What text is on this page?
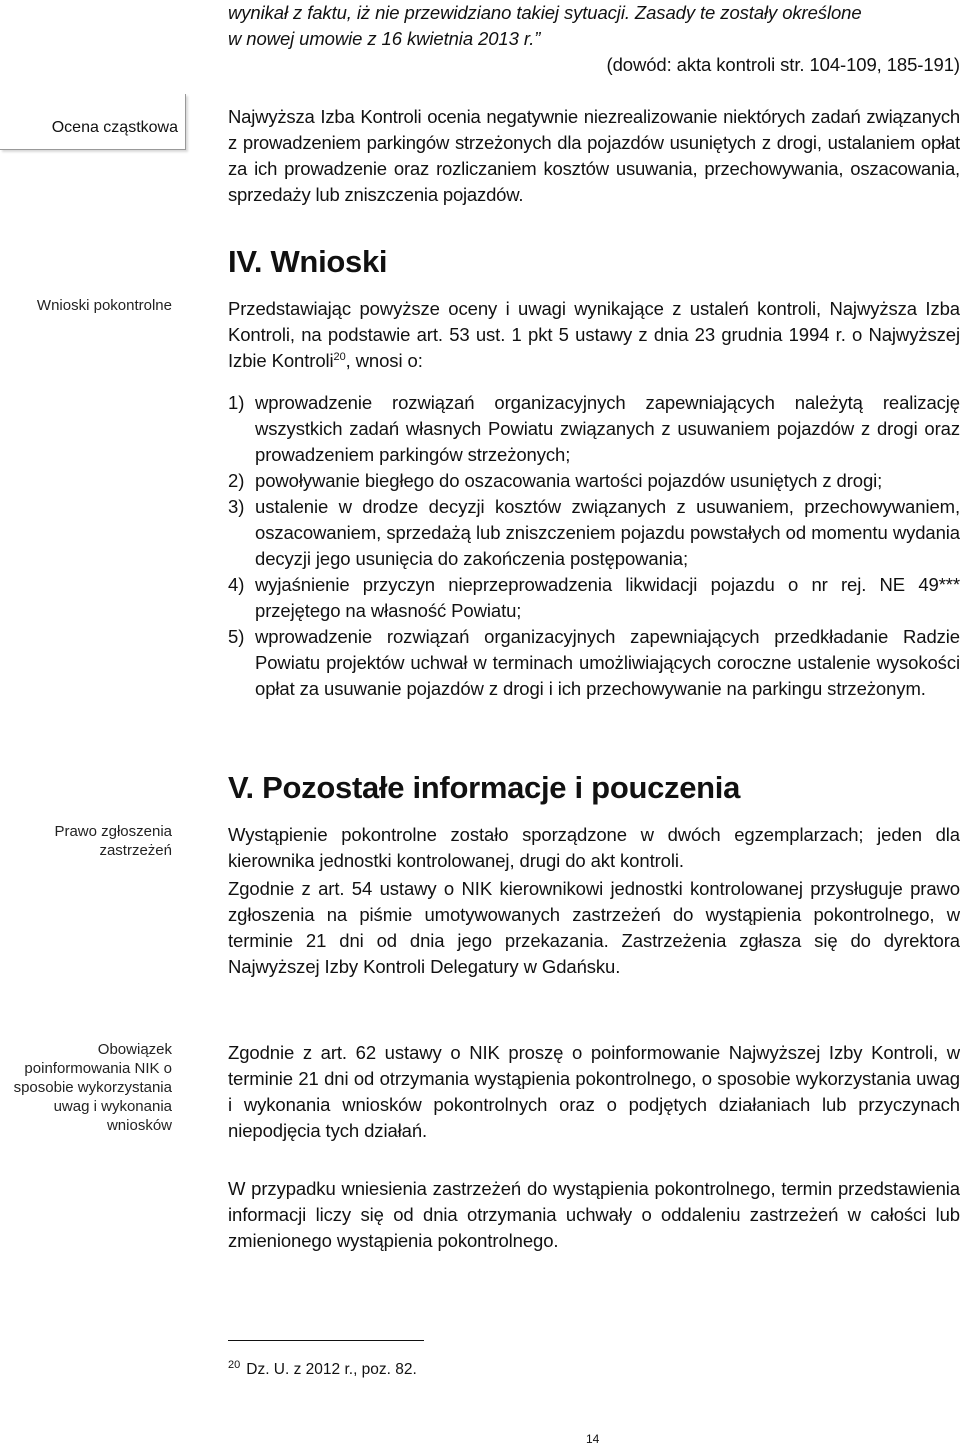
wynikał z faktu, iż nie przewidziano takiej sytuacji. Zasady te zostały określone
w nowej umowie z 16 kwietnia 2013 r.”
(dowód: akta kontroli str. 104-109, 185-191)
Ocena cząstkowa
Najwyższa Izba Kontroli ocenia negatywnie niezrealizowanie niektórych zadań związanych z prowadzeniem parkingów strzeżonych dla pojazdów usuniętych z drogi, ustalaniem opłat za ich prowadzenie oraz rozliczaniem kosztów usuwania, przechowywania, oszacowania, sprzedaży lub zniszczenia pojazdów.
IV. Wnioski
Wnioski pokontrolne	Przedstawiając powyższe oceny i uwagi wynikające z ustaleń kontroli, Najwyższa Izba Kontroli, na podstawie art. 53 ust. 1 pkt 5 ustawy z dnia 23 grudnia 1994 r. o Najwyższej Izbie Kontroli$^{20}$, wnosi o:
1) wprowadzenie rozwiązań organizacyjnych zapewniających należytą realizację wszystkich zadań własnych Powiatu związanych z usuwaniem pojazdów z drogi oraz prowadzeniem parkingów strzeżonych;
2) powoływanie biegłego do oszacowania wartości pojazdów usuniętych z drogi;
3) ustalenie w drodze decyzji kosztów związanych z usuwaniem, przechowywaniem, oszacowaniem, sprzedażą lub zniszczeniem pojazdu powstałych od momentu wydania decyzji jego usunięcia do zakończenia postępowania;
4) wyjaśnienie przyczyn nieprzeprowadzenia likwidacji pojazdu o nr rej. NE 49*** przejętego na własność Powiatu;
5) wprowadzenie rozwiązań organizacyjnych zapewniających przedkładanie Radzie Powiatu projektów uchwał w terminach umożliwiających coroczne ustalenie wysokości opłat za usuwanie pojazdów z drogi i ich przechowywanie na parkingu strzeżonym.
V. Pozostałe informacje i pouczenia
Prawo zgłoszenia zastrzeżeń
Wystąpienie pokontrolne zostało sporządzone w dwóch egzemplarzach; jeden dla kierownika jednostki kontrolowanej, drugi do akt kontroli.
Zgodnie z art. 54 ustawy o NIK kierownikowi jednostki kontrolowanej przysługuje prawo zgłoszenia na piśmie umotywowanych zastrzeżeń do wystąpienia pokontrolnego, w terminie 21 dni od dnia jego przekazania. Zastrzeżenia zgłasza się do dyrektora Najwyższej Izby Kontroli Delegatury w Gdańsku.
Obowiązek poinformowania NIK o sposobie wykorzystania uwag i wykonania wniosków
Zgodnie z art. 62 ustawy o NIK proszę o poinformowanie Najwyższej Izby Kontroli, w terminie 21 dni od otrzymania wystąpienia pokontrolnego, o sposobie wykorzystania uwag i wykonania wniosków pokontrolnych oraz o podjętych działaniach lub przyczynach niepodjęcia tych działań.
W przypadku wniesienia zastrzeżeń do wystąpienia pokontrolnego, termin przedstawienia informacji liczy się od dnia otrzymania uchwały o oddaleniu zastrzeżeń w całości lub zmienionego wystąpienia pokontrolnego.
$^{20}$ Dz. U. z 2012 r., poz. 82.
14
